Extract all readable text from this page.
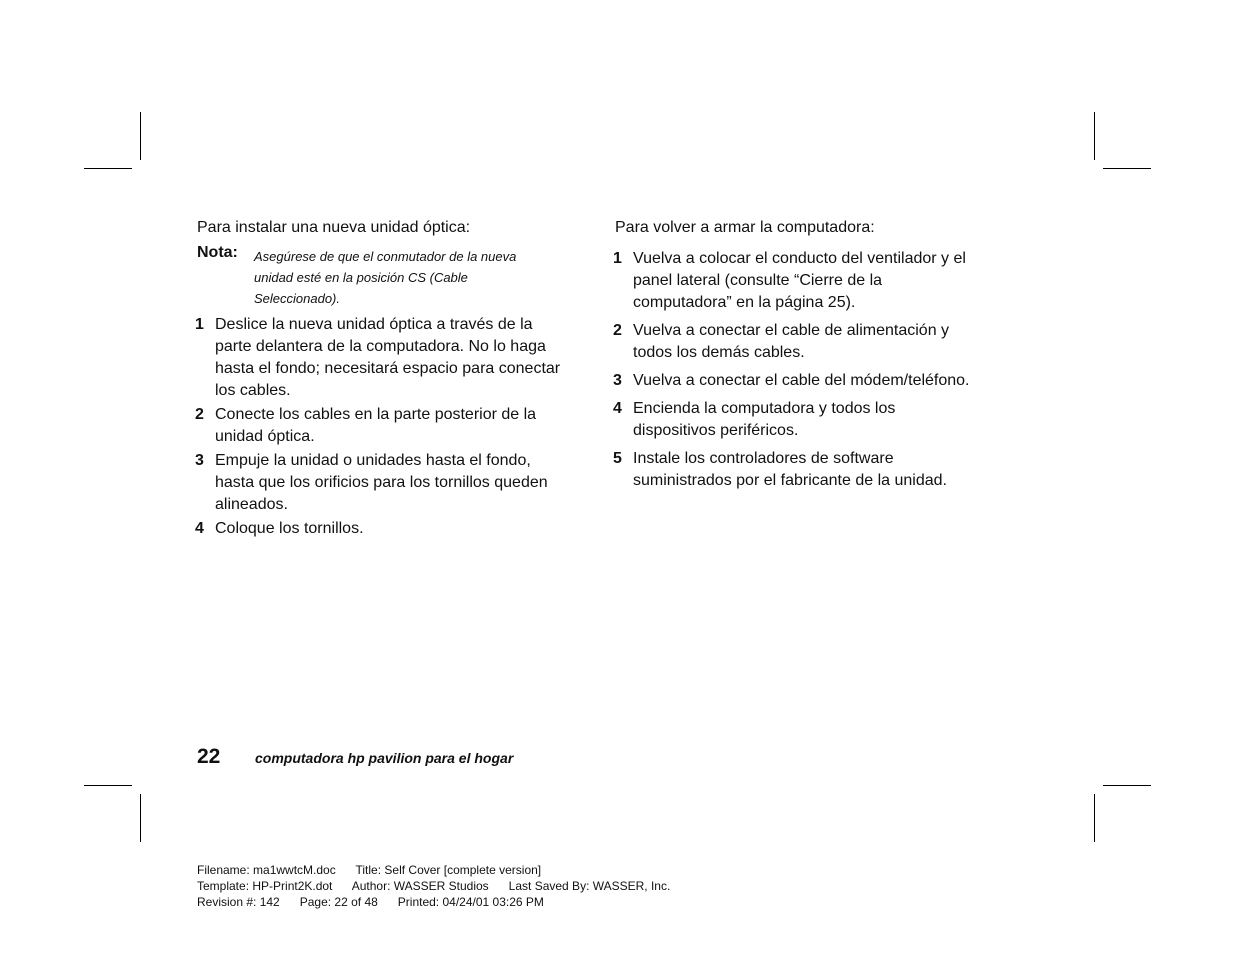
Para instalar una nueva unidad óptica:
Nota: Asegúrese de que el conmutador de la nueva unidad esté en la posición CS (Cable Seleccionado).
1 Deslice la nueva unidad óptica a través de la parte delantera de la computadora. No lo haga hasta el fondo; necesitará espacio para conectar los cables.
2 Conecte los cables en la parte posterior de la unidad óptica.
3 Empuje la unidad o unidades hasta el fondo, hasta que los orificios para los tornillos queden alineados.
4 Coloque los tornillos.
Para volver a armar la computadora:
1 Vuelva a colocar el conducto del ventilador y el panel lateral (consulte “Cierre de la computadora” en la página 25).
2 Vuelva a conectar el cable de alimentación y todos los demás cables.
3 Vuelva a conectar el cable del módem/teléfono.
4 Encienda la computadora y todos los dispositivos periféricos.
5 Instale los controladores de software suministrados por el fabricante de la unidad.
22 computadora hp pavilion para el hogar
Filename: ma1wwtcM.doc      Title: Self Cover [complete version]
Template: HP-Print2K.dot      Author: WASSER Studios      Last Saved By: WASSER, Inc.
Revision #: 142      Page: 22 of 48      Printed: 04/24/01 03:26 PM
